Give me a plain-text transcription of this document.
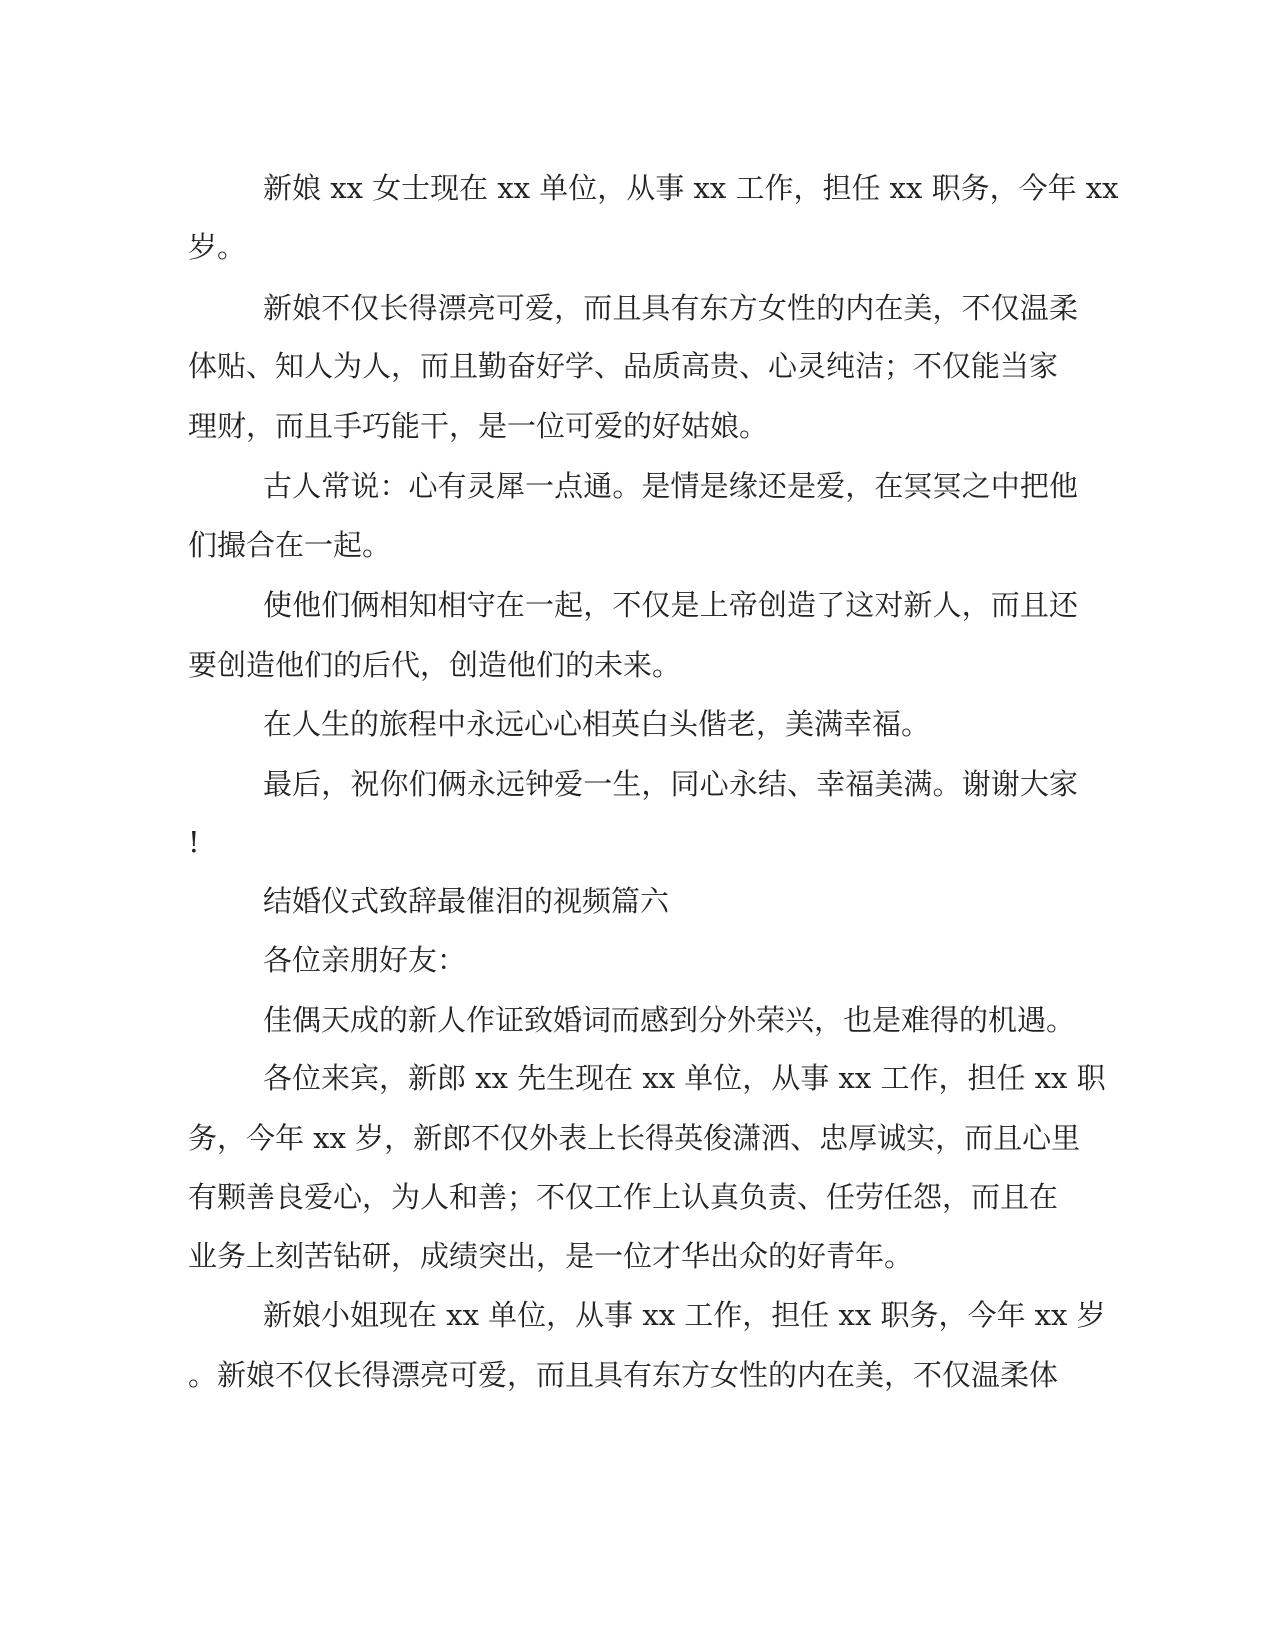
新娘 xx 女士现在 xx 单位，从事 xx 工作，担任 xx 职务，今年 xx
岁。
新娘不仅长得漂亮可爱，而且具有东方女性的内在美，不仅温柔
体贴、知人为人，而且勤奋好学、品质高贵、心灵纯洁；不仅能当家
理财，而且手巧能干，是一位可爱的好姑娘。
古人常说：心有灵犀一点通。是情是缘还是爱，在冥冥之中把他
们撮合在一起。
使他们俩相知相守在一起，不仅是上帝创造了这对新人，而且还
要创造他们的后代，创造他们的未来。
在人生的旅程中永远心心相英白头偕老，美满幸福。
最后，祝你们俩永远钟爱一生，同心永结、幸福美满。谢谢大家
!
结婚仪式致辞最催泪的视频篇六
各位亲朋好友：
佳偶天成的新人作证致婚词而感到分外荣兴，也是难得的机遇。
各位来宾，新郎 xx 先生现在 xx 单位，从事 xx 工作，担任 xx 职
务，今年 xx 岁，新郎不仅外表上长得英俊潇洒、忠厚诚实，而且心里
有颗善良爱心，为人和善；不仅工作上认真负责、任劳任怨，而且在
业务上刻苦钻研，成绩突出，是一位才华出众的好青年。
新娘小姐现在 xx 单位，从事 xx 工作，担任 xx 职务，今年 xx 岁
。新娘不仅长得漂亮可爱，而且具有东方女性的内在美，不仅温柔体
